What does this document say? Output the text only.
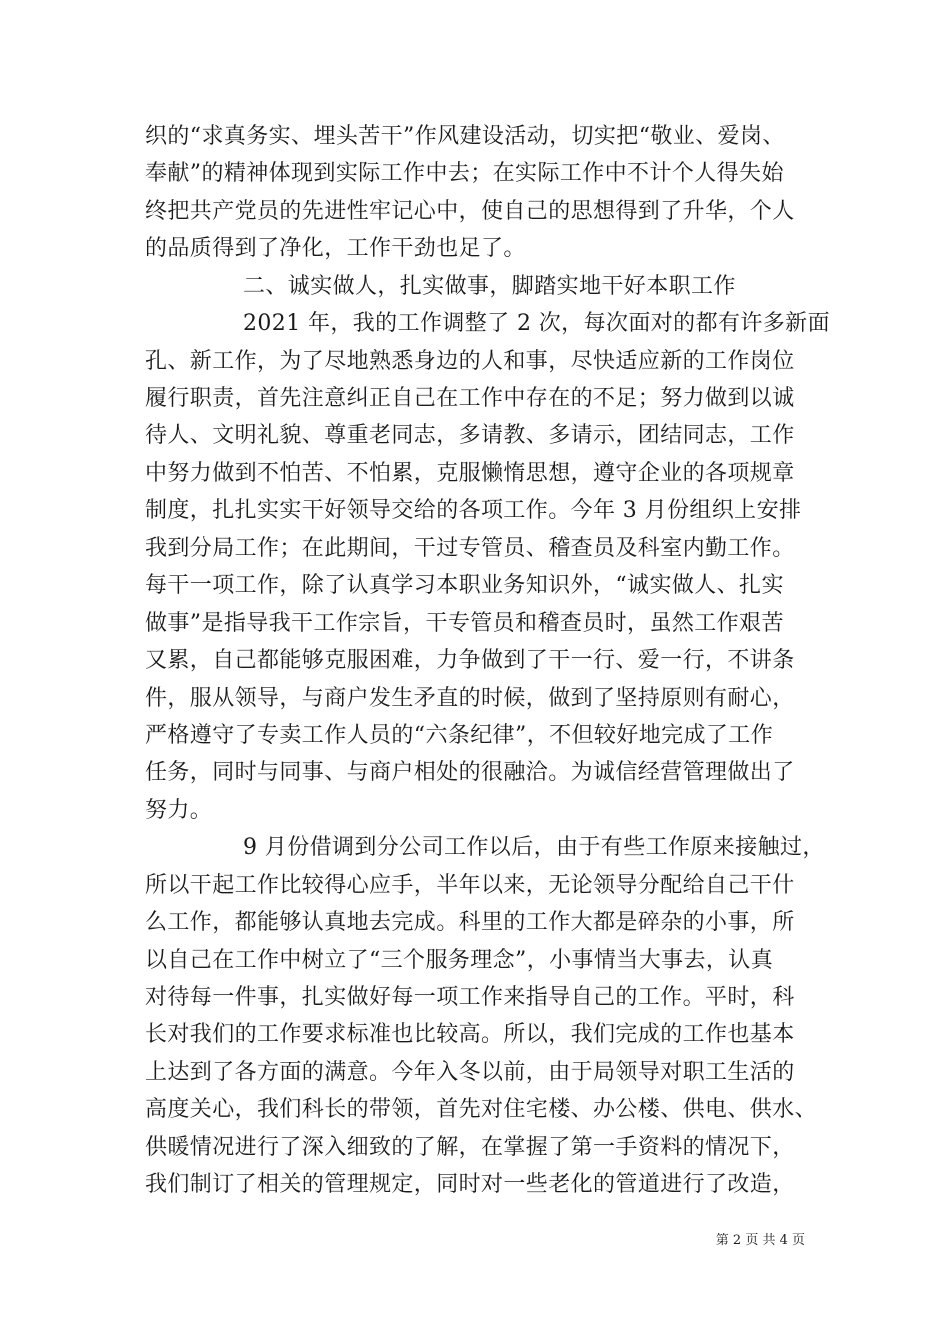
织的“求真务实、埋头苦干”作风建设活动，切实把“敬业、爱岗、
奉献”的精神体现到实际工作中去；在实际工作中不计个人得失始
终把共产党员的先进性牢记心中，使自己的思想得到了升华，个人
的品质得到了净化，工作干劲也足了。
二、诚实做人，扎实做事，脚踏实地干好本职工作
2021 年，我的工作调整了 2 次，每次面对的都有许多新面
孔、新工作，为了尽地熟悉身边的人和事，尽快适应新的工作岗位
履行职责，首先注意纠正自己在工作中存在的不足；努力做到以诚
待人、文明礼貌、尊重老同志，多请教、多请示，团结同志，工作
中努力做到不怕苦、不怕累，克服懒惰思想，遵守企业的各项规章
制度，扎扎实实干好领导交给的各项工作。今年 3 月份组织上安排
我到分局工作；在此期间，干过专管员、稽查员及科室内勤工作。
每干一项工作，除了认真学习本职业务知识外，“诚实做人、扎实
做事”是指导我干工作宗旨，干专管员和稽查员时，虽然工作艰苦
又累，自己都能够克服困难，力争做到了干一行、爱一行，不讲条
件，服从领导，与商户发生矛直的时候，做到了坚持原则有耐心，
严格遵守了专卖工作人员的“六条纪律”，不但较好地完成了工作
任务，同时与同事、与商户相处的很融洽。为诚信经营管理做出了
努力。
9 月份借调到分公司工作以后，由于有些工作原来接触过，
所以干起工作比较得心应手，半年以来，无论领导分配给自己干什
么工作，都能够认真地去完成。科里的工作大都是碎杂的小事，所
以自己在工作中树立了“三个服务理念”，小事情当大事去，认真
对待每一件事，扎实做好每一项工作来指导自己的工作。平时，科
长对我们的工作要求标准也比较高。所以，我们完成的工作也基本
上达到了各方面的满意。今年入冬以前，由于局领导对职工生活的
高度关心，我们科长的带领，首先对住宅楼、办公楼、供电、供水、
供暖情况进行了深入细致的了解，在掌握了第一手资料的情况下，
我们制订了相关的管理规定，同时对一些老化的管道进行了改造，
第 2 页 共 4 页
